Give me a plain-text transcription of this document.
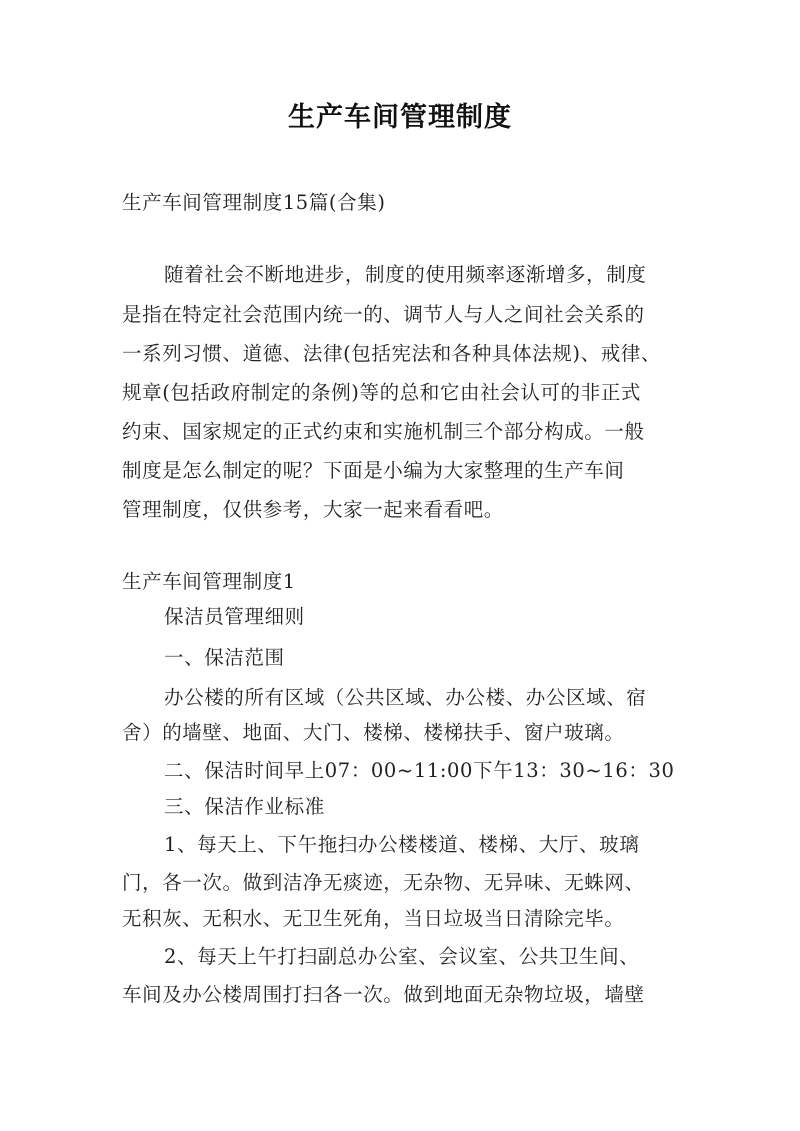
生产车间管理制度
生产车间管理制度15篇(合集)
随着社会不断地进步，制度的使用频率逐渐增多，制度
是指在特定社会范围内统一的、调节人与人之间社会关系的
一系列习惯、道德、法律(包括宪法和各种具体法规)、戒律、
规章(包括政府制定的条例)等的总和它由社会认可的非正式
约束、国家规定的正式约束和实施机制三个部分构成。一般
制度是怎么制定的呢？下面是小编为大家整理的生产车间
管理制度，仅供参考，大家一起来看看吧。
生产车间管理制度1
保洁员管理细则
一、保洁范围
办公楼的所有区域（公共区域、办公楼、办公区域、宿
舍）的墙壁、地面、大门、楼梯、楼梯扶手、窗户玻璃。
二、保洁时间早上07：00~11:00下午13：30~16：30
三、保洁作业标准
1、每天上、下午拖扫办公楼楼道、楼梯、大厅、玻璃
门，各一次。做到洁净无痰迹，无杂物、无异味、无蛛网、
无积灰、无积水、无卫生死角，当日垃圾当日清除完毕。
2、每天上午打扫副总办公室、会议室、公共卫生间、
车间及办公楼周围打扫各一次。做到地面无杂物垃圾，墙壁
